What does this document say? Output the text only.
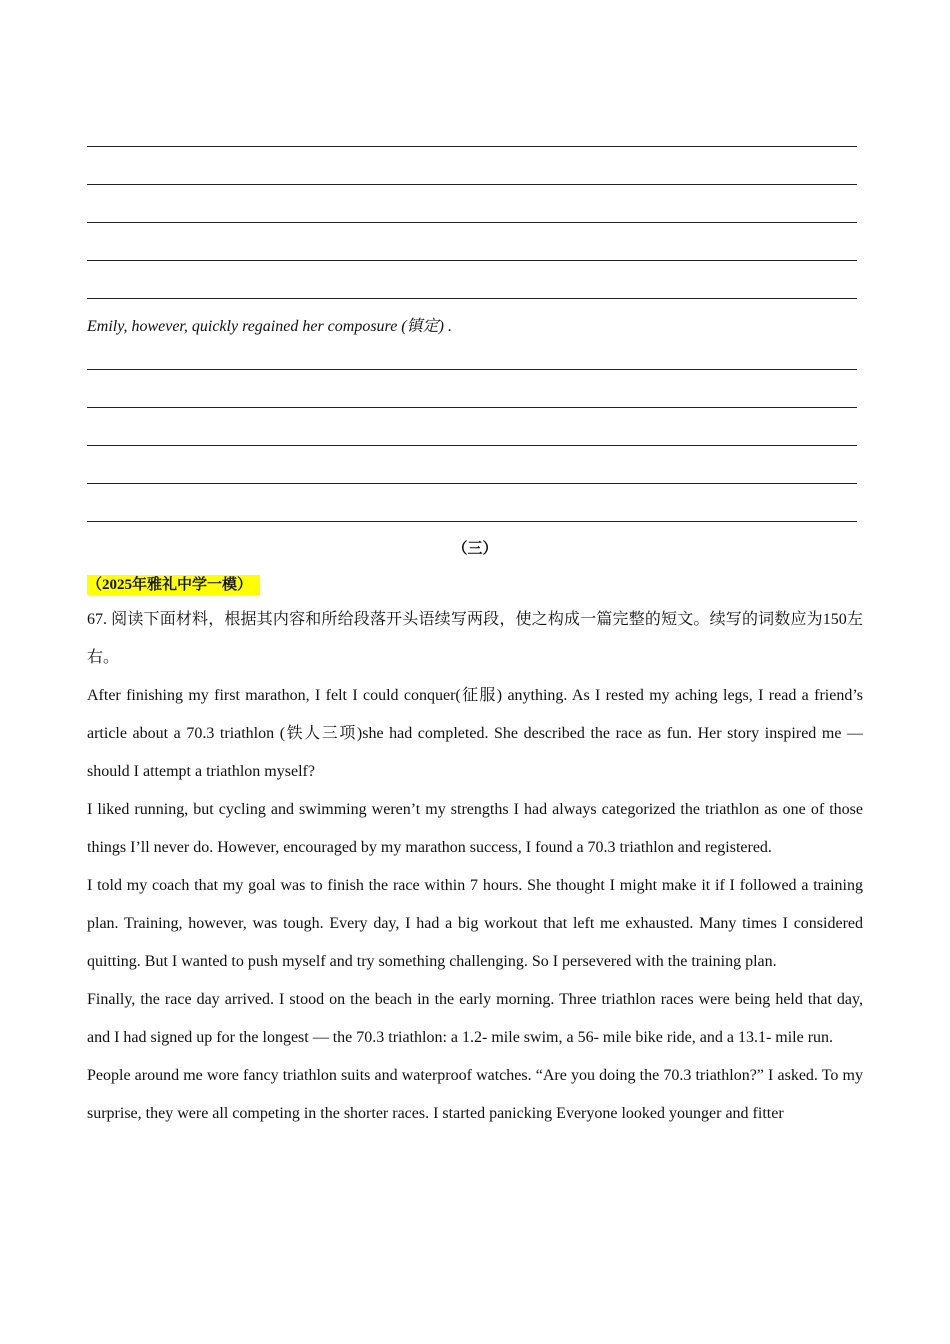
Emily, however, quickly regained her composure (镇定) .
（三）
（2025年雅礼中学一模）
67. 阅读下面材料，根据其内容和所给段落开头语续写两段，使之构成一篇完整的短文。续写的词数应为150左右。
After finishing my first marathon, I felt I could conquer(征服) anything. As I rested my aching legs, I read a friend’s article about a 70.3 triathlon (铁人三项)she had completed. She described the race as fun. Her story inspired me — should I attempt a triathlon myself?
I liked running, but cycling and swimming weren’t my strengths I had always categorized the triathlon as one of those things I’ll never do. However, encouraged by my marathon success, I found a 70.3 triathlon and registered.
I told my coach that my goal was to finish the race within 7 hours. She thought I might make it if I followed a training plan. Training, however, was tough. Every day, I had a big workout that left me exhausted. Many times I considered quitting. But I wanted to push myself and try something challenging. So I persevered with the training plan.
Finally, the race day arrived. I stood on the beach in the early morning. Three triathlon races were being held that day, and I had signed up for the longest — the 70.3 triathlon: a 1.2- mile swim, a 56- mile bike ride, and a 13.1- mile run.
People around me wore fancy triathlon suits and waterproof watches. “Are you doing the 70.3 triathlon?” I asked. To my surprise, they were all competing in the shorter races. I started panicking Everyone looked younger and fitter
